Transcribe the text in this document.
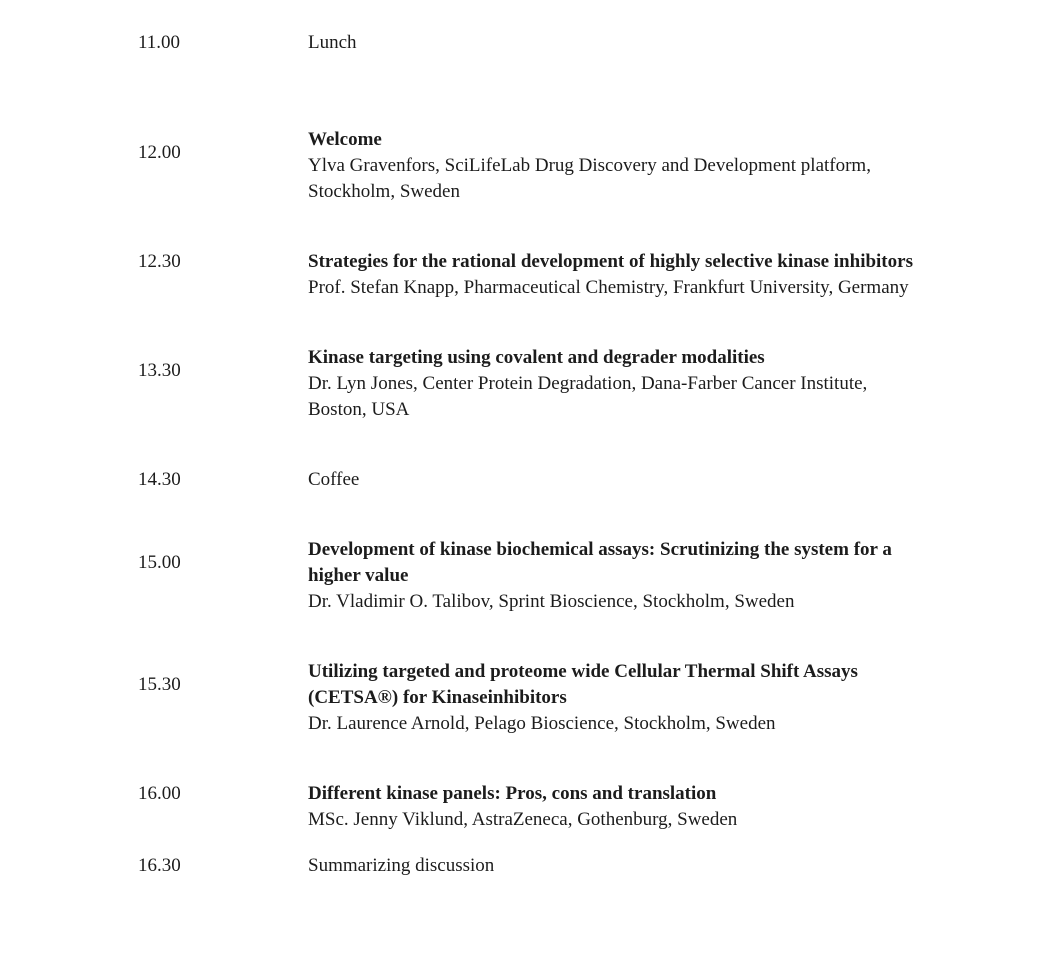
11.00	Lunch
12.00
Welcome
Ylva Gravenfors, SciLifeLab Drug Discovery and Development platform,
Stockholm, Sweden
12.30	Strategies for the rational development of highly selective kinase inhibitors
Prof. Stefan Knapp, Pharmaceutical Chemistry, Frankfurt University, Germany
13.30
Kinase targeting using covalent and degrader modalities
Dr. Lyn Jones, Center Protein Degradation, Dana-Farber Cancer Institute,
Boston, USA
14.30	Coffee
15.00
Development of kinase biochemical assays: Scrutinizing the system for a
higher value
Dr. Vladimir O. Talibov, Sprint Bioscience, Stockholm, Sweden
15.30
Utilizing targeted and proteome wide Cellular Thermal Shift Assays
(CETSA®) for Kinaseinhibitors
Dr. Laurence Arnold, Pelago Bioscience, Stockholm, Sweden
16.00	Different kinase panels: Pros, cons and translation
MSc. Jenny Viklund, AstraZeneca, Gothenburg, Sweden
16.30	Summarizing discussion
